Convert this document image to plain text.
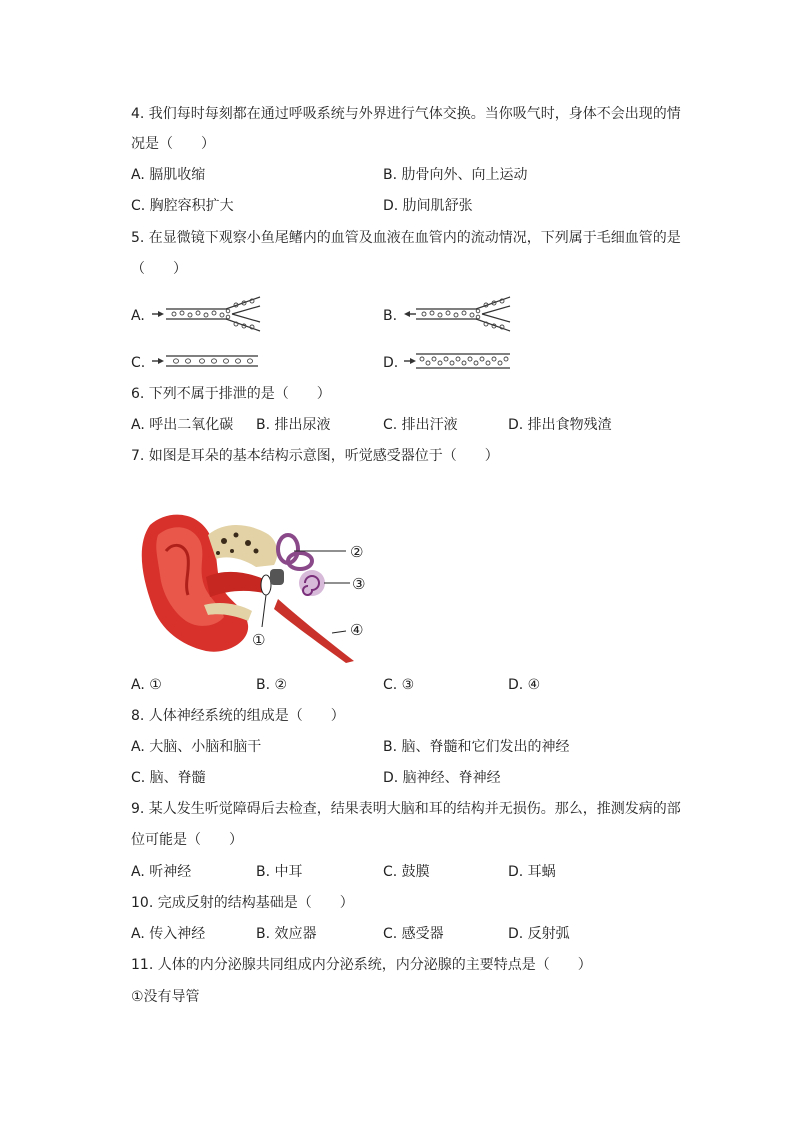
4. 我们每时每刻都在通过呼吸系统与外界进行气体交换。当你吸气时，身体不会出现的情
况是（　　）
A. 膈肌收缩	B. 肋骨向外、向上运动
C. 胸腔容积扩大	D. 肋间肌舒张
5. 在显微镜下观察小鱼尾鳍内的血管及血液在血管内的流动情况，下列属于毛细血管的是
（　　）
A.	B.
C.	D.
6. 下列不属于排泄的是（　　）
A. 呼出二氧化碳 B. 排出尿液	C. 排出汗液	D. 排出食物残渣
7. 如图是耳朵的基本结构示意图，听觉感受器位于（　　）
②
③
④
①
A. ①	B. ②	C. ③	D. ④
8. 人体神经系统的组成是（　　）
A. 大脑、小脑和脑干	B. 脑、脊髓和它们发出的神经
C. 脑、脊髓	D. 脑神经、脊神经
9. 某人发生听觉障碍后去检查，结果表明大脑和耳的结构并无损伤。那么，推测发病的部
位可能是（　　）
A. 听神经	B. 中耳	C. 鼓膜	D. 耳蜗
10. 完成反射的结构基础是（　　）
A. 传入神经	B. 效应器	C. 感受器	D. 反射弧
11. 人体的内分泌腺共同组成内分泌系统，内分泌腺的主要特点是（　　）
①没有导管
